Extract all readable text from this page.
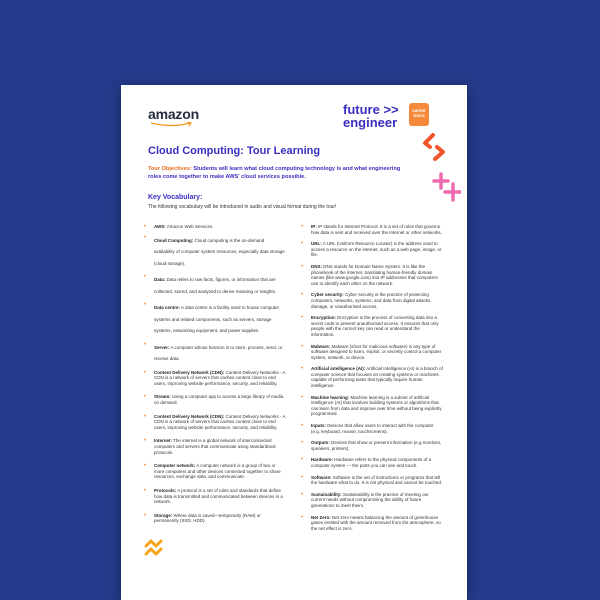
amazon	future >>
engineer
career
tours
Cloud Computing: Tour Learning
Tour Objectives: Students will learn what cloud computing technology is and what engineering roles come together to make AWS' cloud services possible.
Key Vocabulary:
The following vocabulary will be introduced in audio and visual format during the tour!
• AWS: Amazon Web Services.
• Cloud Computing: Cloud computing is the on-demand availability of computer system resources, especially data storage (cloud storage).
• Data: Data refers to raw facts, figures, or information that are collected, stored, and analyzed to derive meaning or insights.
• Data centre: A data centre is a facility used to house computer systems and related components, such as servers, storage systems, networking equipment, and power supplies.
• Server: A computer whose function is to store, process, send, or receive data.
• Content Delivery Network (CDN): Content Delivery Networks - A CDN is a network of servers that caches content close to end users, improving website performance, security, and reliability.
• Stream: Using a computer app to access a large library of media on demand.
• Content Delivery Network (CDN): Content Delivery Networks - A CDN is a network of servers that caches content close to end users, improving website performance, security, and reliability.
• Internet: The internet is a global network of interconnected computers and servers that communicate using standardised protocols.
• Computer network: A computer network is a group of two or more computers and other devices connected together to share resources, exchange data, and communicate.
• Protocols: A protocol is a set of rules and standards that define how data is transmitted and communicated between devices in a network.
• Storage: Where data is saved—temporarily (RAM) or permanently (SSD, HDD).
• IP: IP stands for Internet Protocol. It is a set of rules that governs how data is sent and received over the Internet or other networks.
• URL: A URL (Uniform Resource Locator) is the address used to access a resource on the internet, such as a web page, image, or file.
• DNS: DNS stands for Domain Name System. It is like the phonebook of the internet, translating human-friendly domain names (like www.google.com) into IP addresses that computers use to identify each other on the network.
• Cyber security: Cyber security is the practice of protecting computers, networks, systems, and data from digital attacks, damage, or unauthorised access.
• Encryption: Encryption is the process of converting data into a secret code to prevent unauthorised access. It ensures that only people with the correct key can read or understand the information.
• Malware: Malware (short for malicious software) is any type of software designed to harm, exploit, or secretly control a computer system, network, or device.
• Artificial intelligence (AI): Artificial Intelligence (AI) is a branch of computer science that focuses on creating systems or machines capable of performing tasks that typically require human intelligence.
• Machine learning: Machine learning is a subset of artificial intelligence (AI) that involves building systems or algorithms that can learn from data and improve over time without being explicitly programmed.
• Inputs: Devices that allow users to interact with the computer (e.g. keyboard, mouse, touchscreens).
• Outputs: Devices that show or present information (e.g monitors, speakers, printers).
• Hardware: Hardware refers to the physical components of a computer system — the parts you can see and touch.
• Software: Software is the set of instructions or programs that tell the hardware what to do. It is not physical and cannot be touched.
• Sustainability: Sustainability is the practice of meeting our current needs without compromising the ability of future generations to meet theirs.
• Net Zero: Net zero means balancing the amount of greenhouse gases emitted with the amount removed from the atmosphere, so the net effect is zero.
